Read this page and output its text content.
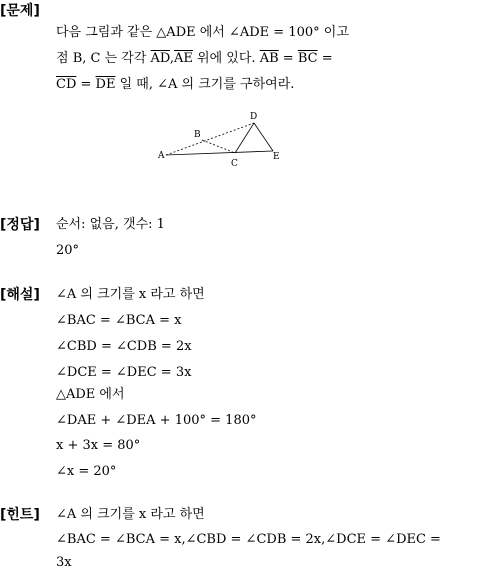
[문제]
다음 그림과 같은 △ADE 에서 ∠ADE = 100° 이고
점 B, C 는 각각 $\overline{AD},\overline{AE}$ 위에 있다. $\overline{AB} = \overline{BC}$ =
$\overline{CD} = \overline{DE}$ 일 때, ∠A 의 크기를 구하여라.
A
B
C
D
E
[정답] 순서: 없음, 갯수: 1
20°
[해설] ∠A 의 크기를 x 라고 하면
∠BAC = ∠BCA = x
∠CBD = ∠CDB = 2x
∠DCE = ∠DEC = 3x
△ADE 에서
∠DAE + ∠DEA + 100° = 180°
x + 3x = 80°
∠x = 20°
[힌트] ∠A 의 크기를 x 라고 하면
∠BAC = ∠BCA = x,∠CBD = ∠CDB = 2x,∠DCE = ∠DEC =
3x
